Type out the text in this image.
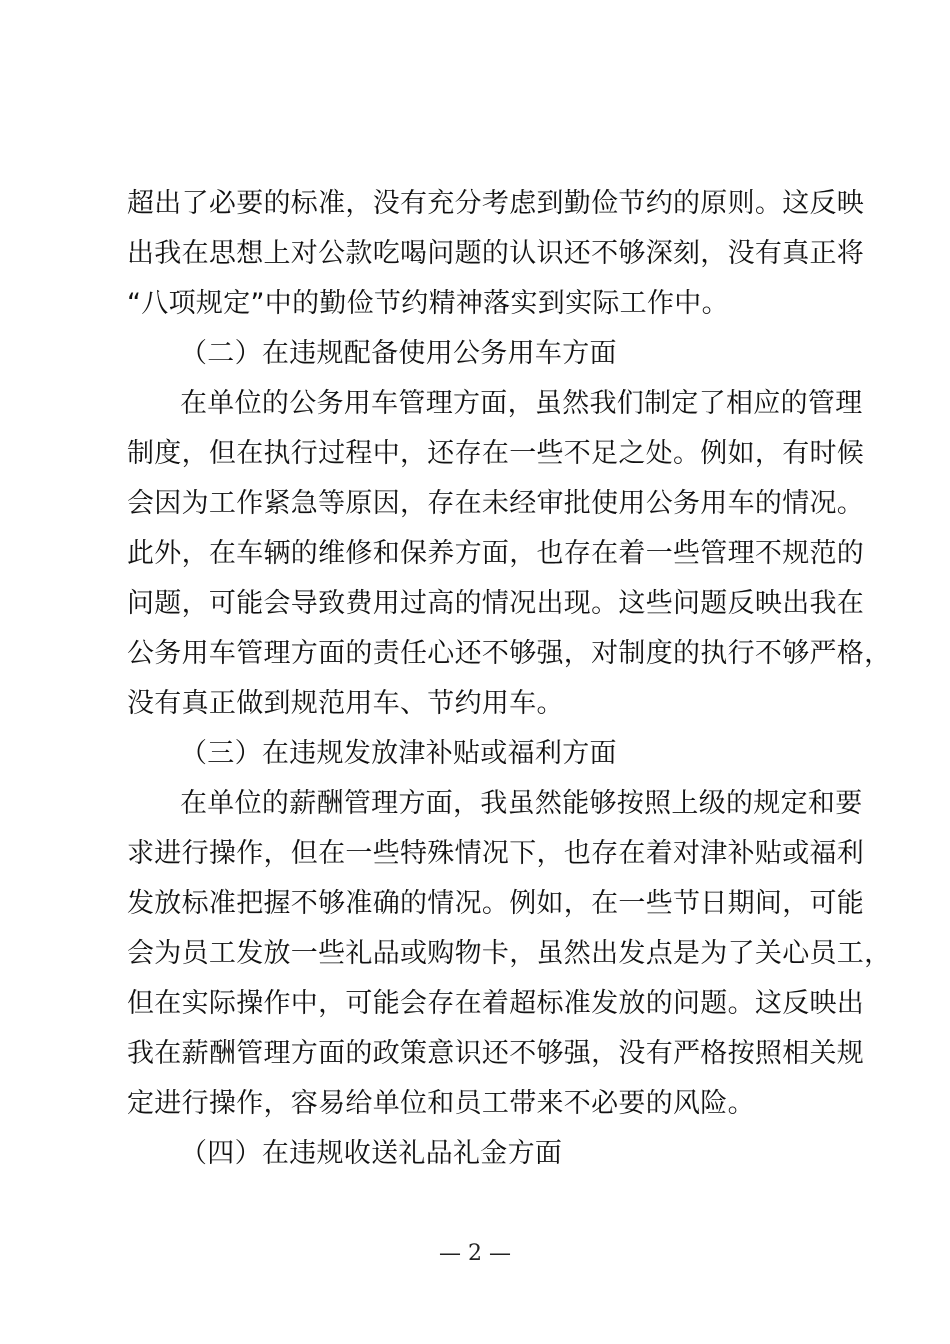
超出了必要的标准，没有充分考虑到勤俭节约的原则。这反映
出我在思想上对公款吃喝问题的认识还不够深刻，没有真正将
“八项规定”中的勤俭节约精神落实到实际工作中。
（二）在违规配备使用公务用车方面
在单位的公务用车管理方面，虽然我们制定了相应的管理
制度，但在执行过程中，还存在一些不足之处。例如，有时候
会因为工作紧急等原因，存在未经审批使用公务用车的情况。
此外，在车辆的维修和保养方面，也存在着一些管理不规范的
问题，可能会导致费用过高的情况出现。这些问题反映出我在
公务用车管理方面的责任心还不够强，对制度的执行不够严格，
没有真正做到规范用车、节约用车。
（三）在违规发放津补贴或福利方面
在单位的薪酬管理方面，我虽然能够按照上级的规定和要
求进行操作，但在一些特殊情况下，也存在着对津补贴或福利
发放标准把握不够准确的情况。例如，在一些节日期间，可能
会为员工发放一些礼品或购物卡，虽然出发点是为了关心员工，
但在实际操作中，可能会存在着超标准发放的问题。这反映出
我在薪酬管理方面的政策意识还不够强，没有严格按照相关规
定进行操作，容易给单位和员工带来不必要的风险。
（四）在违规收送礼品礼金方面
— 2 —
